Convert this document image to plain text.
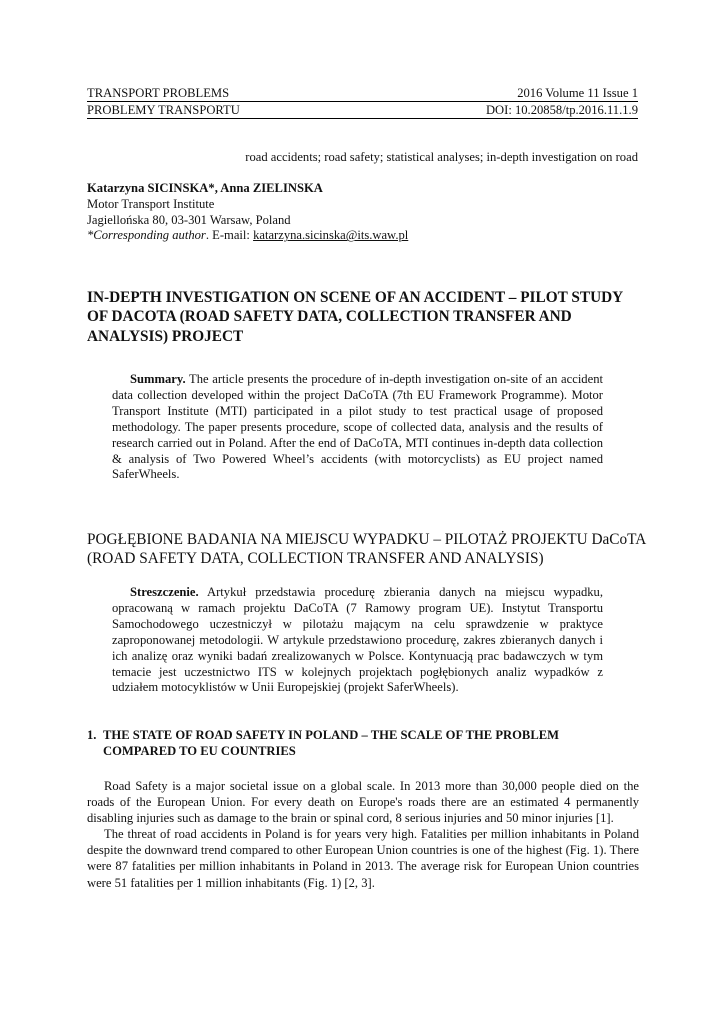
TRANSPORT PROBLEMS	2016 Volume 11 Issue 1
PROBLEMY TRANSPORTU	DOI: 10.20858/tp.2016.11.1.9
road accidents; road safety; statistical analyses; in-depth investigation on road
Katarzyna SICINSKA*, Anna ZIELINSKA
Motor Transport Institute
Jagiellońska 80, 03-301 Warsaw, Poland
*Corresponding author. E-mail: katarzyna.sicinska@its.waw.pl
IN-DEPTH INVESTIGATION ON SCENE OF AN ACCIDENT – PILOT STUDY OF DACOTA (ROAD SAFETY DATA, COLLECTION TRANSFER AND ANALYSIS) PROJECT
Summary. The article presents the procedure of in-depth investigation on-site of an accident data collection developed within the project DaCoTA (7th EU Framework Programme). Motor Transport Institute (MTI) participated in a pilot study to test practical usage of proposed methodology. The paper presents procedure, scope of collected data, analysis and the results of research carried out in Poland. After the end of DaCoTA, MTI continues in-depth data collection & analysis of Two Powered Wheel’s accidents (with motorcyclists) as EU project named SaferWheels.
POGŁĘBIONE BADANIA NA MIEJSCU WYPADKU – PILOTAŻ PROJEKTU DaCoTA (ROAD SAFETY DATA, COLLECTION TRANSFER AND ANALYSIS)
Streszczenie. Artykuł przedstawia procedurę zbierania danych na miejscu wypadku, opracowaną w ramach projektu DaCoTA (7 Ramowy program UE). Instytut Transportu Samochodowego uczestniczył w pilotażu mającym na celu sprawdzenie w praktyce zaproponowanej metodologii. W artykule przedstawiono procedurę, zakres zbieranych danych i ich analizę oraz wyniki badań zrealizowanych w Polsce. Kontynuacją prac badawczych w tym temacie jest uczestnictwo ITS w kolejnych projektach pogłębionych analiz wypadków z udziałem motocyklistów w Unii Europejskiej (projekt SaferWheels).
1. THE STATE OF ROAD SAFETY IN POLAND – THE SCALE OF THE PROBLEM COMPARED TO EU COUNTRIES

Road Safety is a major societal issue on a global scale. In 2013 more than 30,000 people died on the roads of the European Union. For every death on Europe's roads there are an estimated 4 permanently disabling injuries such as damage to the brain or spinal cord, 8 serious injuries and 50 minor injuries [1].

The threat of road accidents in Poland is for years very high. Fatalities per million inhabitants in Poland despite the downward trend compared to other European Union countries is one of the highest (Fig. 1). There were 87 fatalities per million inhabitants in Poland in 2013. The average risk for European Union countries were 51 fatalities per 1 million inhabitants (Fig. 1) [2, 3].
